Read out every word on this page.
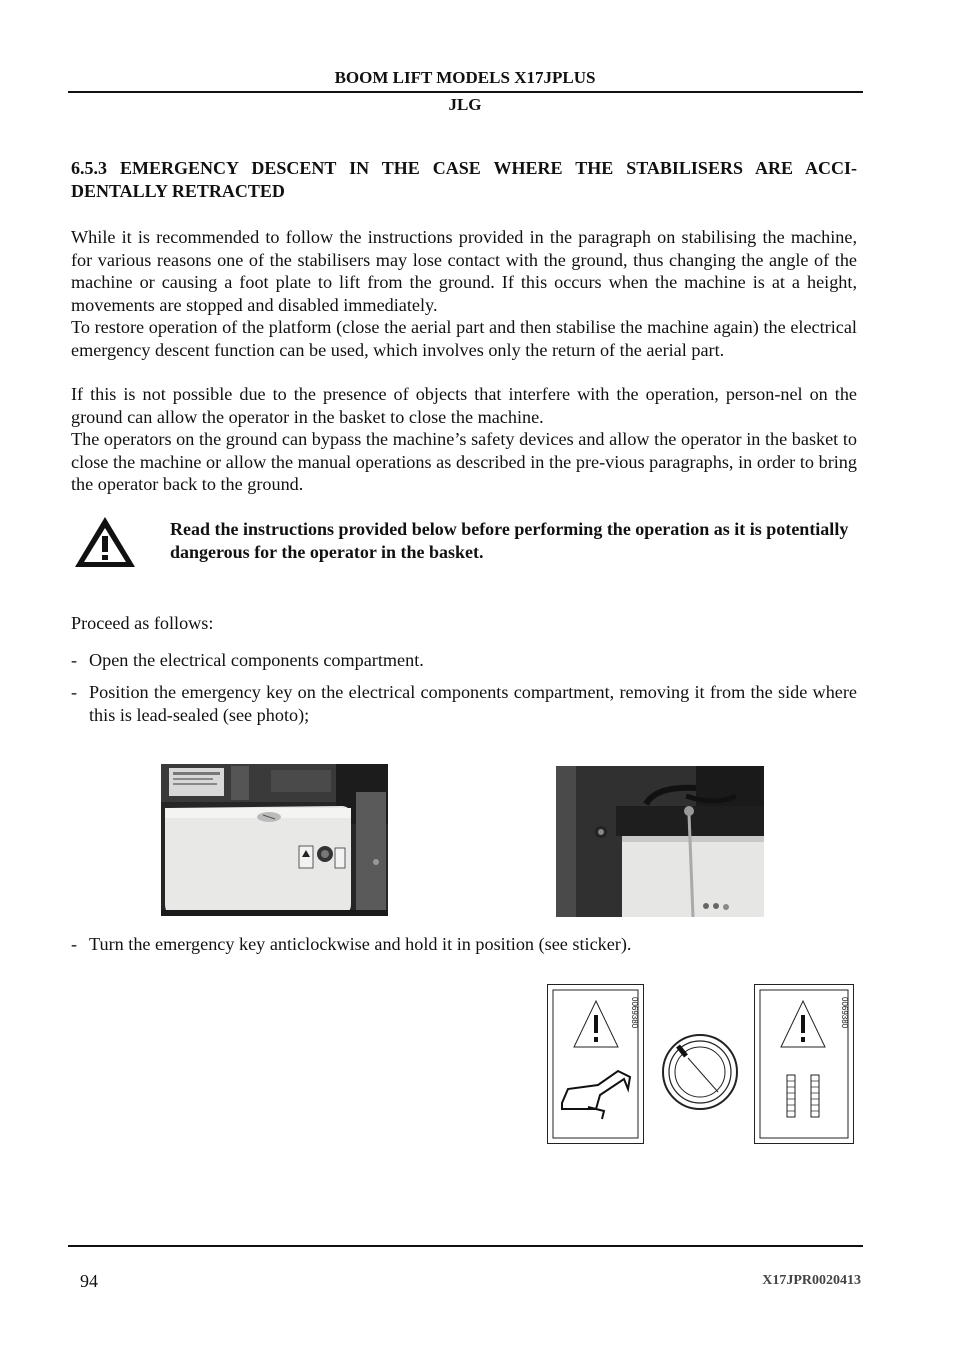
BOOM LIFT MODELS X17JPLUS
JLG
6.5.3 EMERGENCY DESCENT IN THE CASE WHERE THE STABILISERS ARE ACCI-DENTALLY RETRACTED

While it is recommended to follow the instructions provided in the paragraph on stabilising the machine, for various reasons one of the stabilisers may lose contact with the ground, thus changing the angle of the machine or causing a foot plate to lift from the ground. If this occurs when the machine is at a height, movements are stopped and disabled immediately.

To restore operation of the platform (close the aerial part and then stabilise the machine again) the electrical emergency descent function can be used, which involves only the return of the aerial part.

If this is not possible due to the presence of objects that interfere with the operation, person-nel on the ground can allow the operator in the basket to close the machine.

The operators on the ground can bypass the machine’s safety devices and allow the operator in the basket to close the machine or allow the manual operations as described in the pre-vious paragraphs, in order to bring the operator back to the ground.

Read the instructions provided below before performing the operation as it is potentially dangerous for the operator in the basket.
Proceed as follows:
- Open the electrical components compartment.
- Position the emergency key on the electrical components compartment, removing it from the side where this is lead-sealed (see photo);
- Turn the emergency key anticlockwise and hold it in position (see sticker).
0069380	0069380
94	X17JPR0020413
